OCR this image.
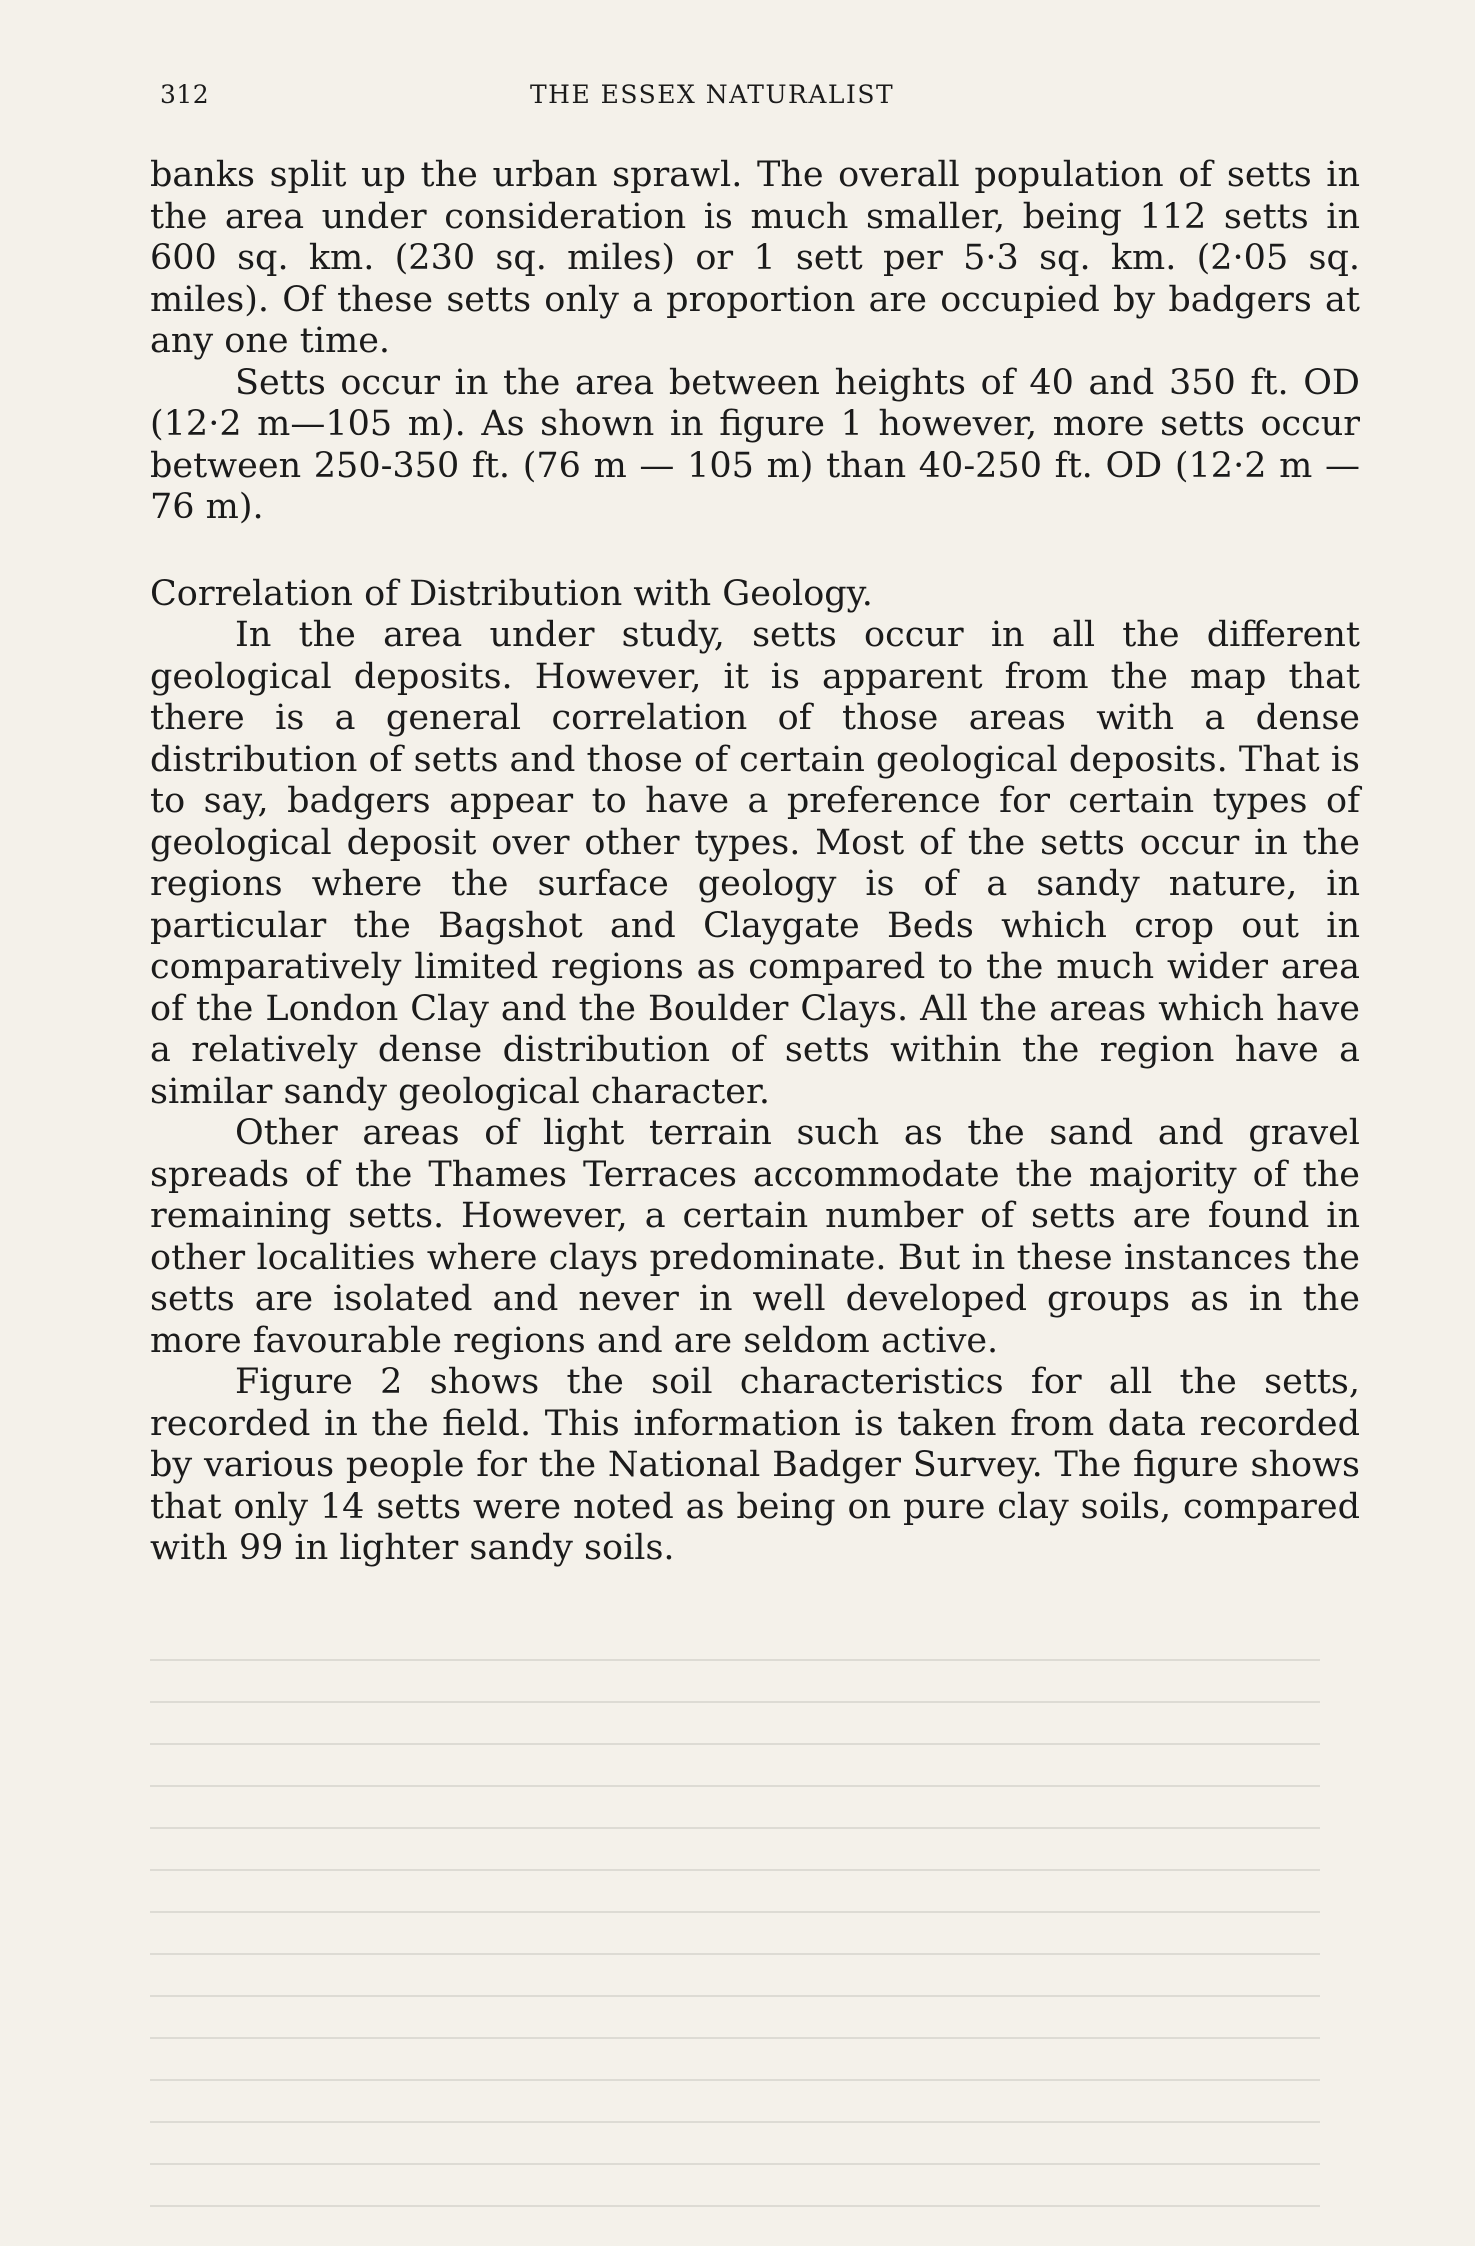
312	THE ESSEX NATURALIST

banks split up the urban sprawl. The overall population of setts in the area under consideration is much smaller, being 112 setts in 600 sq. km. (230 sq. miles) or 1 sett per 5·3 sq. km. (2·05 sq. miles). Of these setts only a proportion are occupied by badgers at any one time.

Setts occur in the area between heights of 40 and 350 ft. OD (12·2 m—105 m). As shown in figure 1 however, more setts occur between 250-350 ft. (76 m — 105 m) than 40-250 ft. OD (12·2 m — 76 m).

Correlation of Distribution with Geology.

In the area under study, setts occur in all the different geological deposits. However, it is apparent from the map that there is a general correlation of those areas with a dense distribution of setts and those of certain geological deposits. That is to say, badgers appear to have a preference for certain types of geological deposit over other types. Most of the setts occur in the regions where the surface geology is of a sandy nature, in particular the Bagshot and Claygate Beds which crop out in comparatively limited regions as compared to the much wider area of the London Clay and the Boulder Clays. All the areas which have a relatively dense distribution of setts within the region have a similar sandy geological character.

Other areas of light terrain such as the sand and gravel spreads of the Thames Terraces accommodate the majority of the remaining setts. However, a certain number of setts are found in other localities where clays predominate. But in these instances the setts are isolated and never in well developed groups as in the more favourable regions and are seldom active.

Figure 2 shows the soil characteristics for all the setts, recorded in the field. This information is taken from data recorded by various people for the National Badger Survey. The figure shows that only 14 setts were noted as being on pure clay soils, compared with 99 in lighter sandy soils.
